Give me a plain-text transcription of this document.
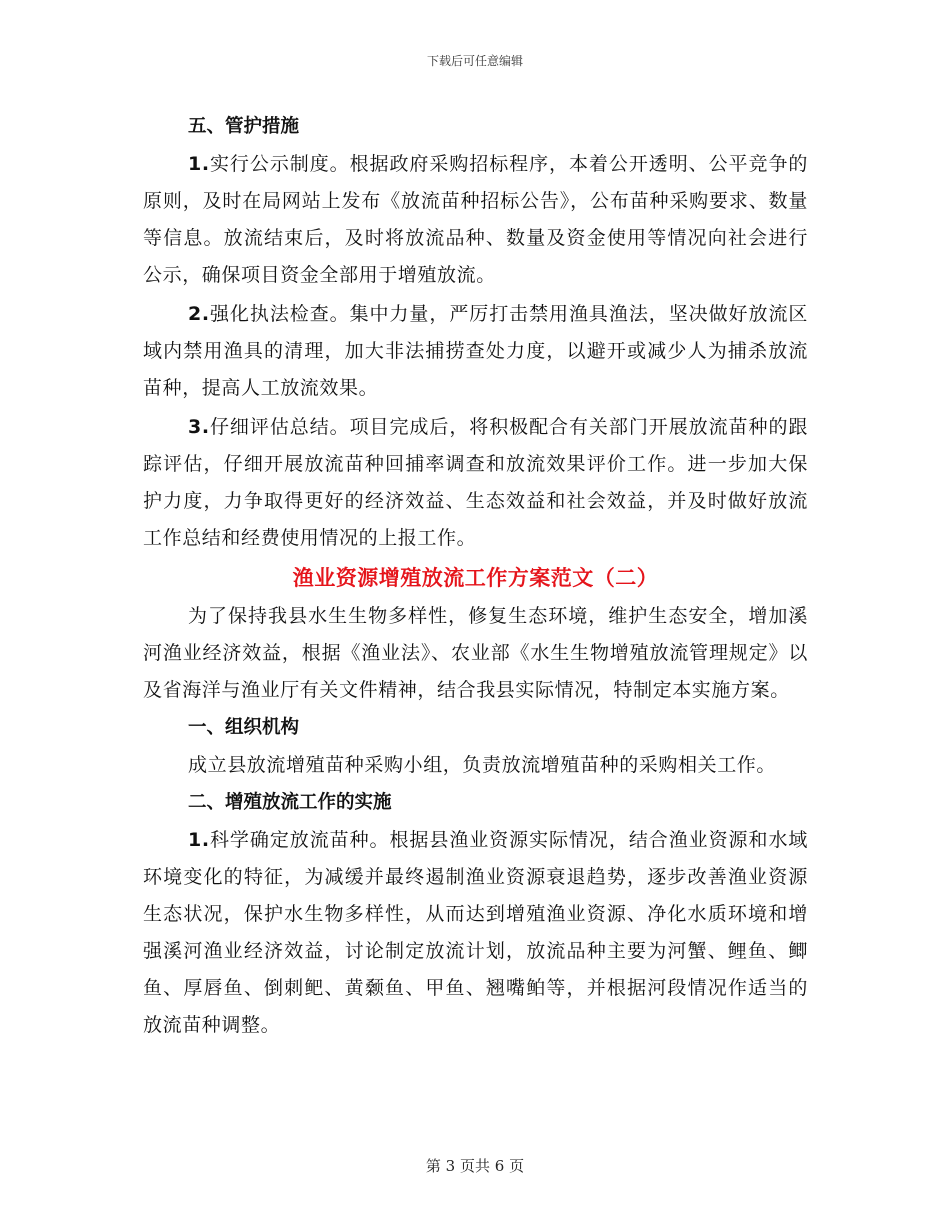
下载后可任意编辑

五、管护措施

1.实行公示制度。根据政府采购招标程序，本着公开透明、公平竞争的原则，及时在局网站上发布《放流苗种招标公告》，公布苗种采购要求、数量等信息。放流结束后，及时将放流品种、数量及资金使用等情况向社会进行公示，确保项目资金全部用于增殖放流。

2.强化执法检查。集中力量，严厉打击禁用渔具渔法，坚决做好放流区域内禁用渔具的清理，加大非法捕捞查处力度，以避开或减少人为捕杀放流苗种，提高人工放流效果。

3.仔细评估总结。项目完成后，将积极配合有关部门开展放流苗种的跟踪评估，仔细开展放流苗种回捕率调查和放流效果评价工作。进一步加大保护力度，力争取得更好的经济效益、生态效益和社会效益，并及时做好放流工作总结和经费使用情况的上报工作。

渔业资源增殖放流工作方案范文（二）

为了保持我县水生生物多样性，修复生态环境，维护生态安全，增加溪河渔业经济效益，根据《渔业法》、农业部《水生生物增殖放流管理规定》以及省海洋与渔业厅有关文件精神，结合我县实际情况，特制定本实施方案。

一、组织机构

成立县放流增殖苗种采购小组，负责放流增殖苗种的采购相关工作。

二、增殖放流工作的实施

1.科学确定放流苗种。根据县渔业资源实际情况，结合渔业资源和水域环境变化的特征，为减缓并最终遏制渔业资源衰退趋势，逐步改善渔业资源生态状况，保护水生物多样性，从而达到增殖渔业资源、净化水质环境和增强溪河渔业经济效益，讨论制定放流计划，放流品种主要为河蟹、鲤鱼、鲫鱼、厚唇鱼、倒刺鲃、黄颡鱼、甲鱼、翘嘴鲌等，并根据河段情况作适当的放流苗种调整。

第 3 页共 6 页
